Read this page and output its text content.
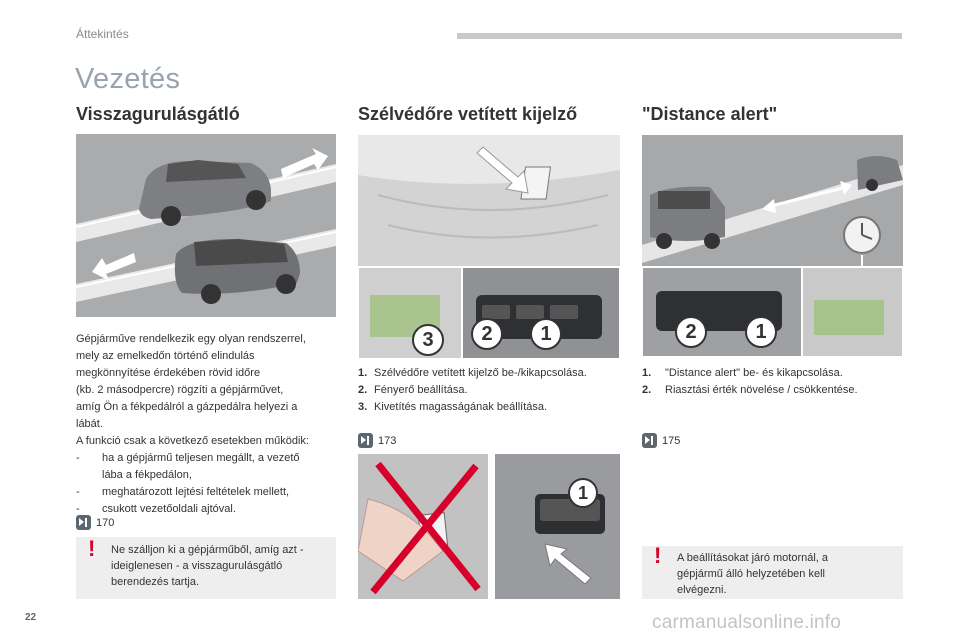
Áttekintés
Vezetés
Visszagurulásgátló
Gépjárműve rendelkezik egy olyan rendszerrel,
mely az emelkedőn történő elindulás
megkönnyítése érdekében rövid időre
(kb. 2 másodpercre) rögzíti a gépjárművet,
amíg Ön a fékpedálról a gázpedálra helyezi a
lábát.
A funkció csak a következő esetekben működik:
-	ha a gépjármű teljesen megállt, a vezető
lába a fékpedálon,
-	meghatározott lejtési feltételek mellett,
-	csukott vezetőoldali ajtóval.
170
! Ne szálljon ki a gépjárműből, amíg azt -
ideiglenesen - a visszagurulásgátló
berendezés tartja.
Szélvédőre vetített kijelző
2	1
3
1. Szélvédőre vetített kijelző be-/kikapcsolása.
2. Fényerő beállítása.
3. Kivetítés magasságának beállítása.
173
1
"Distance alert"
2	1
1.	"Distance alert" be- és kikapcsolása.
2.	Riasztási érték növelése / csökkentése.
175
! A beállításokat járó motornál, a
gépjármű álló helyzetében kell
elvégezni.
22	carmanualsonline.info
